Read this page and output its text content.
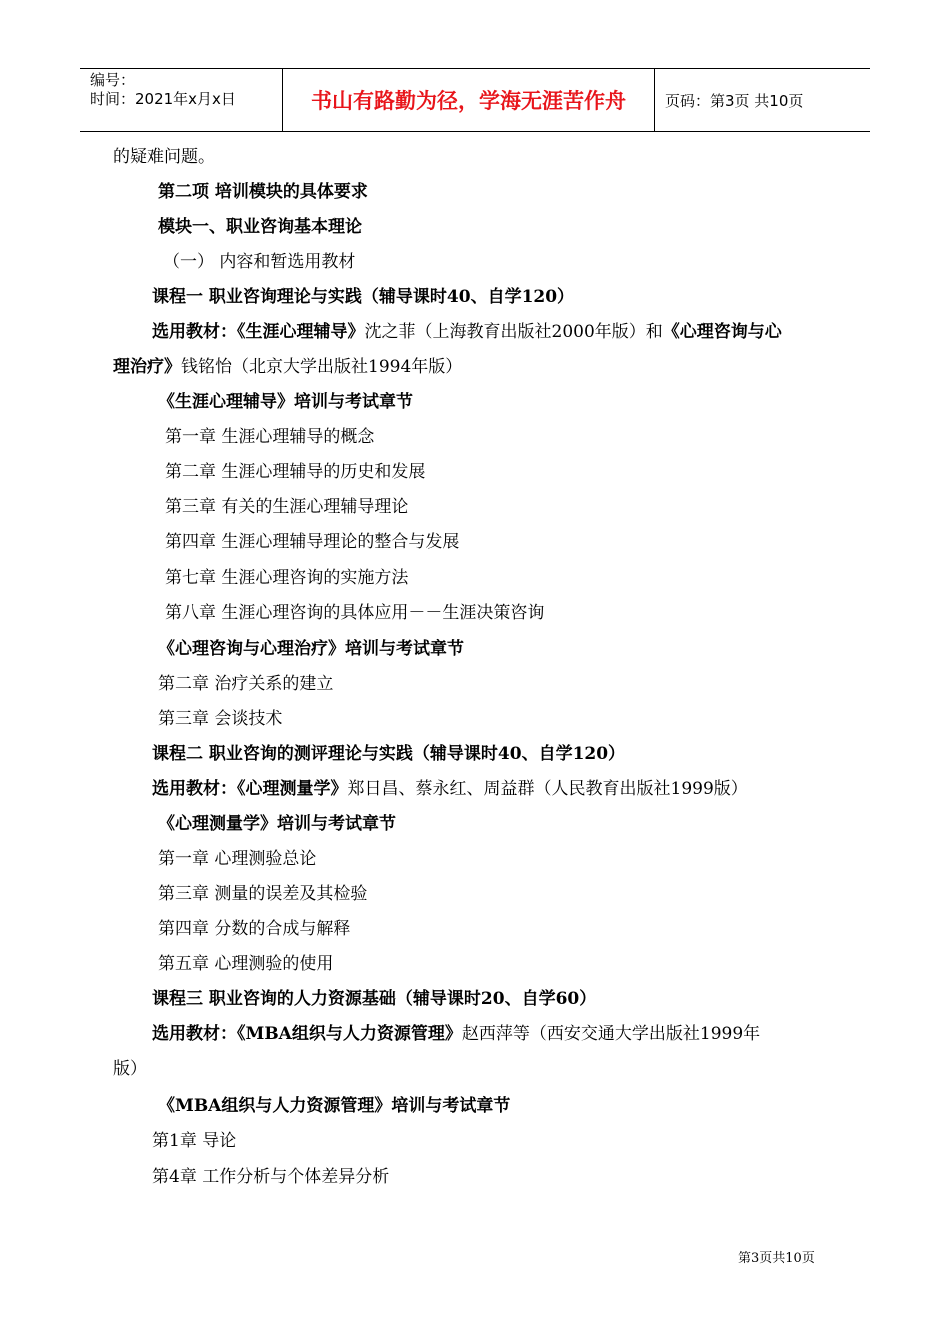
编号：
时间：2021年x月x日	书山有路勤为径，学海无涯苦作舟	页码：第3页 共10页
的疑难问题。
第二项 培训模块的具体要求
模块一、职业咨询基本理论
（一） 内容和暂选用教材
课程一 职业咨询理论与实践（辅导课时40、自学120）
选用教材：《生涯心理辅导》沈之菲（上海教育出版社2000年版）和《心理咨询与心
理治疗》钱铭怡（北京大学出版社1994年版）
《生涯心理辅导》培训与考试章节
第一章 生涯心理辅导的概念
第二章 生涯心理辅导的历史和发展
第三章 有关的生涯心理辅导理论
第四章 生涯心理辅导理论的整合与发展
第七章 生涯心理咨询的实施方法
第八章 生涯心理咨询的具体应用－－生涯决策咨询
《心理咨询与心理治疗》培训与考试章节
第二章 治疗关系的建立
第三章 会谈技术
课程二 职业咨询的测评理论与实践（辅导课时40、自学120）
选用教材：《心理测量学》郑日昌、蔡永红、周益群（人民教育出版社1999版）
《心理测量学》培训与考试章节
第一章 心理测验总论
第三章 测量的误差及其检验
第四章 分数的合成与解释
第五章 心理测验的使用
课程三 职业咨询的人力资源基础（辅导课时20、自学60）
选用教材：《MBA组织与人力资源管理》赵西萍等（西安交通大学出版社1999年
版）
《MBA组织与人力资源管理》培训与考试章节
第1章 导论
第4章 工作分析与个体差异分析
第3页共10页
